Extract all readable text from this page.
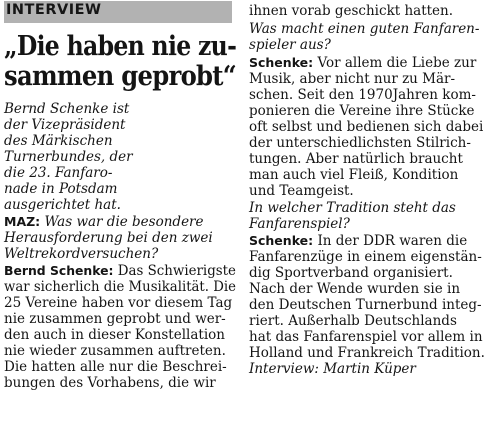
INTERVIEW
„Die haben nie zu-
sammen geprobt“
Bernd Schenke ist
der Vizepräsident
des Märkischen
Turnerbundes, der
die 23. Fanfaro-
nade in Potsdam
ausgerichtet hat.
MAZ: Was war die besondere
Herausforderung bei den zwei
Weltrekordversuchen?
Bernd Schenke: Das Schwierigste
war sicherlich die Musikalität. Die
25 Vereine haben vor diesem Tag
nie zusammen geprobt und wer-
den auch in dieser Konstellation
nie wieder zusammen auftreten.
Die hatten alle nur die Beschrei-
bungen des Vorhabens, die wir
ihnen vorab geschickt hatten.
Was macht einen guten Fanfaren-
spieler aus?
Schenke: Vor allem die Liebe zur
Musik, aber nicht nur zu Mär-
schen. Seit den 1970Jahren kom-
ponieren die Vereine ihre Stücke
oft selbst und bedienen sich dabei
der unterschiedlichsten Stilrich-
tungen. Aber natürlich braucht
man auch viel Fleiß, Kondition
und Teamgeist.
In welcher Tradition steht das
Fanfarenspiel?
Schenke: In der DDR waren die
Fanfarenzüge in einem eigenstän-
dig Sportverband organisiert.
Nach der Wende wurden sie in
den Deutschen Turnerbund integ-
riert. Außerhalb Deutschlands
hat das Fanfarenspiel vor allem in
Holland und Frankreich Tradition.
Interview: Martin Küper
